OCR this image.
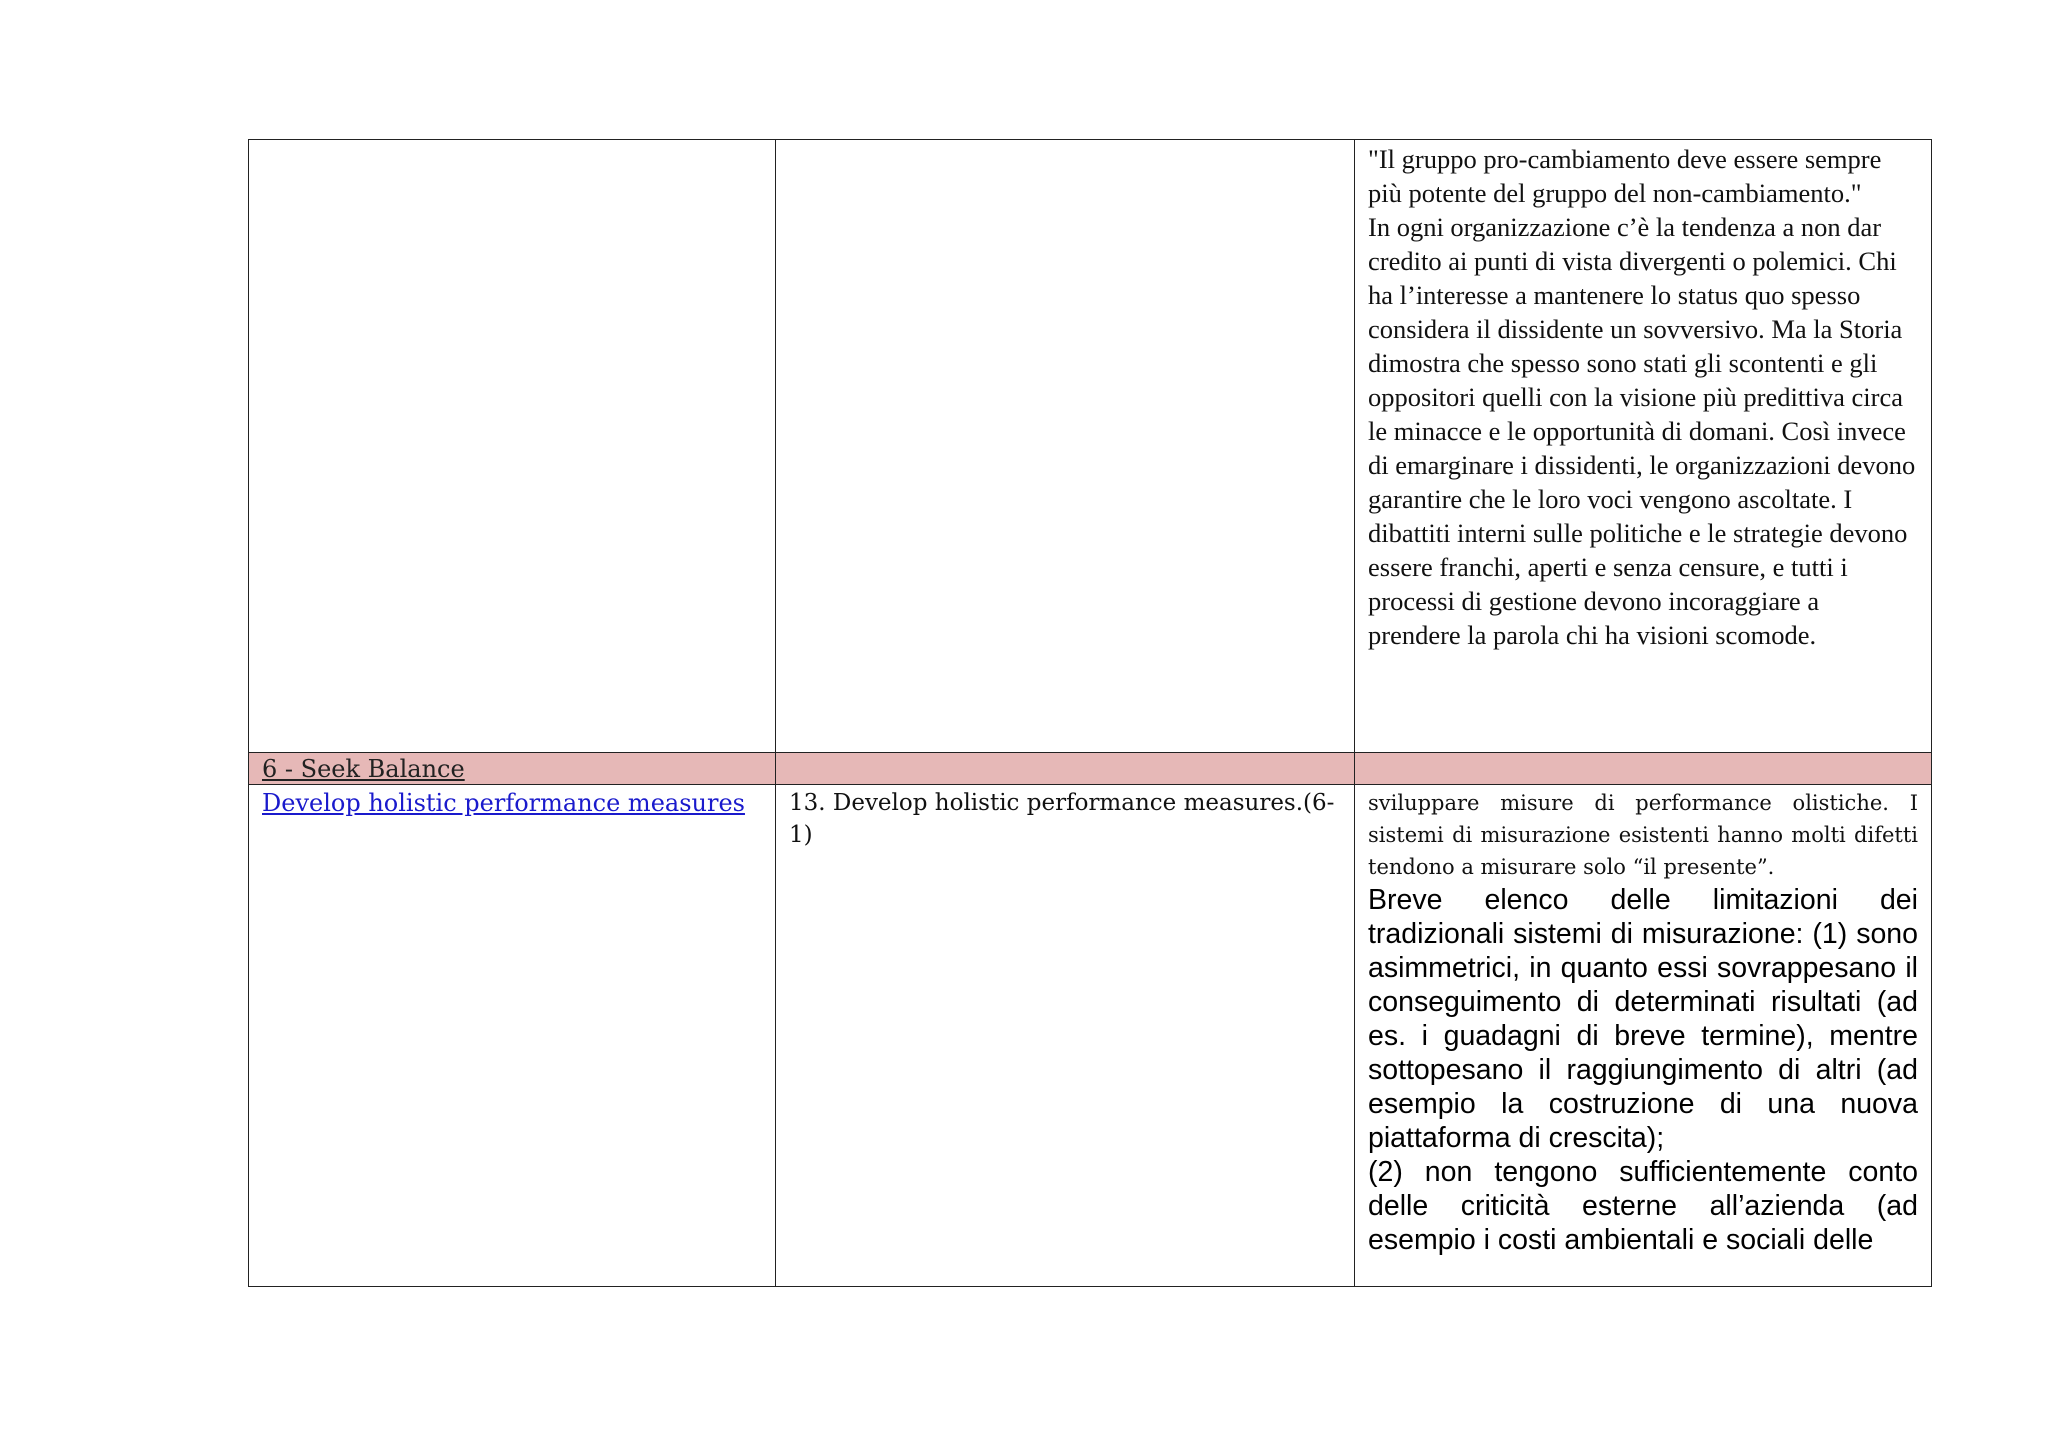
		"Il gruppo pro-cambiamento deve essere sempre più potente del gruppo del non-cambiamento."

In ogni organizzazione c’è la tendenza a non dar credito ai punti di vista divergenti o polemici. Chi ha l’interesse a mantenere lo status quo spesso considera il dissidente un sovversivo. Ma la Storia dimostra che spesso sono stati gli scontenti e gli oppositori quelli con la visione più predittiva circa le minacce e le opportunità di domani. Così invece di emarginare i dissidenti, le organizzazioni devono garantire che le loro voci vengono ascoltate. I dibattiti interni sulle politiche e le strategie devono essere franchi, aperti e senza censure, e tutti i processi di gestione devono incoraggiare a prendere la parola chi ha visioni scomode.

6 - Seek Balance		
Develop holistic performance measures	13. Develop holistic performance measures.(6-1)	sviluppare misure di performance olistiche. I sistemi di misurazione esistenti hanno molti difetti tendono a misurare solo “il presente”.

Breve elenco delle limitazioni dei tradizionali sistemi di misurazione: (1) sono asimmetrici, in quanto essi sovrappesano il conseguimento di determinati risultati (ad es. i guadagni di breve termine), mentre sottopesano il raggiungimento di altri (ad esempio la costruzione di una nuova piattaforma di crescita);

(2) non tengono sufficientemente conto delle criticità esterne all’azienda (ad esempio i costi ambientali e sociali delle
